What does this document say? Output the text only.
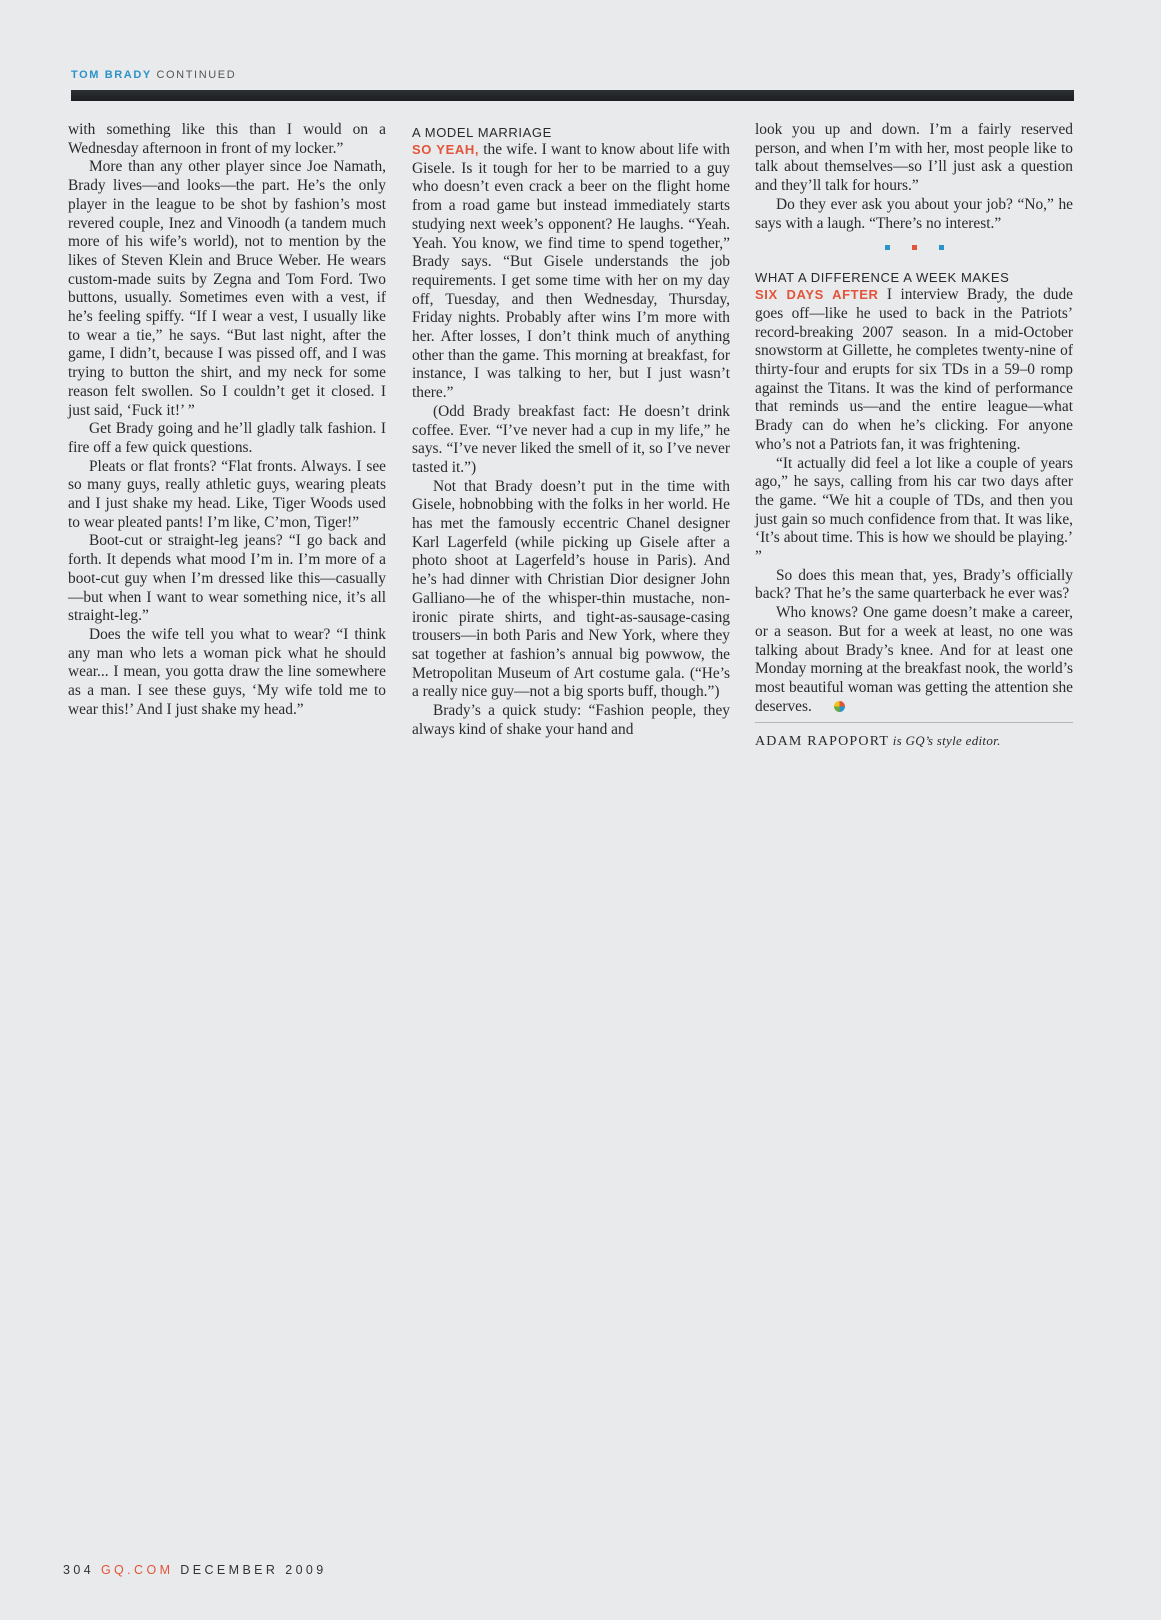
TOM BRADY CONTINUED

with something like this than I would on a Wednesday afternoon in front of my locker.”

More than any other player since Joe Namath, Brady lives—and looks—the part. He’s the only player in the league to be shot by fashion’s most revered couple, Inez and Vinoodh (a tandem much more of his wife’s world), not to mention by the likes of Steven Klein and Bruce Weber. He wears custom-made suits by Zegna and Tom Ford. Two buttons, usually. Sometimes even with a vest, if he’s feeling spiffy. “If I wear a vest, I usually like to wear a tie,” he says. “But last night, after the game, I didn’t, because I was pissed off, and I was trying to button the shirt, and my neck for some reason felt swollen. So I couldn’t get it closed. I just said, ‘Fuck it!’ ”

Get Brady going and he’ll gladly talk fashion. I fire off a few quick questions.

Pleats or flat fronts? “Flat fronts. Always. I see so many guys, really athletic guys, wearing pleats and I just shake my head. Like, Tiger Woods used to wear pleated pants! I’m like, C’mon, Tiger!”

Boot-cut or straight-leg jeans? “I go back and forth. It depends what mood I’m in. I’m more of a boot-cut guy when I’m dressed like this—casually—but when I want to wear something nice, it’s all straight-leg.”

Does the wife tell you what to wear? “I think any man who lets a woman pick what he should wear... I mean, you gotta draw the line somewhere as a man. I see these guys, ‘My wife told me to wear this!’ And I just shake my head.”

A MODEL MARRIAGE

SO YEAH, the wife. I want to know about life with Gisele. Is it tough for her to be married to a guy who doesn’t even crack a beer on the flight home from a road game but instead immediately starts studying next week’s opponent? He laughs. “Yeah. Yeah. You know, we find time to spend together,” Brady says. “But Gisele understands the job requirements. I get some time with her on my day off, Tuesday, and then Wednesday, Thursday, Friday nights. Probably after wins I’m more with her. After losses, I don’t think much of anything other than the game. This morning at breakfast, for instance, I was talking to her, but I just wasn’t there.”

(Odd Brady breakfast fact: He doesn’t drink coffee. Ever. “I’ve never had a cup in my life,” he says. “I’ve never liked the smell of it, so I’ve never tasted it.”)

Not that Brady doesn’t put in the time with Gisele, hobnobbing with the folks in her world. He has met the famously eccentric Chanel designer Karl Lagerfeld (while picking up Gisele after a photo shoot at Lagerfeld’s house in Paris). And he’s had dinner with Christian Dior designer John Galliano—he of the whisper-thin mustache, non-ironic pirate shirts, and tight-as-sausage-casing trousers—in both Paris and New York, where they sat together at fashion’s annual big powwow, the Metropolitan Museum of Art costume gala. (“He’s a really nice guy—not a big sports buff, though.”)

Brady’s a quick study: “Fashion people, they always kind of shake your hand and

look you up and down. I’m a fairly reserved person, and when I’m with her, most people like to talk about themselves—so I’ll just ask a question and they’ll talk for hours.”

Do they ever ask you about your job? “No,” he says with a laugh. “There’s no interest.”

WHAT A DIFFERENCE A WEEK MAKES

SIX DAYS AFTER I interview Brady, the dude goes off—like he used to back in the Patriots’ record-breaking 2007 season. In a mid-October snowstorm at Gillette, he completes twenty-nine of thirty-four and erupts for six TDs in a 59–0 romp against the Titans. It was the kind of performance that reminds us—and the entire league—what Brady can do when he’s clicking. For anyone who’s not a Patriots fan, it was frightening.

“It actually did feel a lot like a couple of years ago,” he says, calling from his car two days after the game. “We hit a couple of TDs, and then you just gain so much confidence from that. It was like, ‘It’s about time. This is how we should be playing.’ ”

So does this mean that, yes, Brady’s officially back? That he’s the same quarterback he ever was?

Who knows? One game doesn’t make a career, or a season. But for a week at least, no one was talking about Brady’s knee. And for at least one Monday morning at the breakfast nook, the world’s most beautiful woman was getting the attention she deserves.

ADAM RAPOPORT is GQ’s style editor.
304 GQ.COM DECEMBER 2009
